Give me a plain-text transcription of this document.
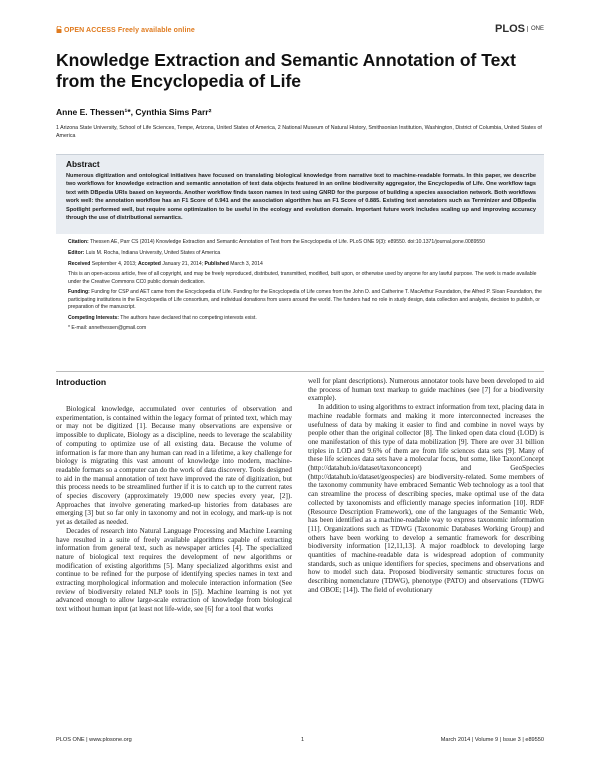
OPEN ACCESS Freely available online	PLOS ONE
Knowledge Extraction and Semantic Annotation of Text from the Encyclopedia of Life
Anne E. Thessen¹*, Cynthia Sims Parr²
1 Arizona State University, School of Life Sciences, Tempe, Arizona, United States of America, 2 National Museum of Natural History, Smithsonian Institution, Washington, District of Columbia, United States of America
Abstract

Numerous digitization and ontological initiatives have focused on translating biological knowledge from narrative text to machine-readable formats. In this paper, we describe two workflows for knowledge extraction and semantic annotation of text data objects featured in an online biodiversity aggregator, the Encyclopedia of Life. One workflow tags text with DBpedia URIs based on keywords. Another workflow finds taxon names in text using GNRD for the purpose of building a species association network. Both workflows work well: the annotation workflow has an F1 Score of 0.941 and the association algorithm has an F1 Score of 0.885. Existing text annotators such as Terminizer and DBpedia Spotlight performed well, but require some optimization to be useful in the ecology and evolution domain. Important future work includes scaling up and improving accuracy through the use of distributional semantics.

Citation: Thessen AE, Parr CS (2014) Knowledge Extraction and Semantic Annotation of Text from the Encyclopedia of Life. PLoS ONE 9(3): e89550. doi:10.1371/journal.pone.0089550

Editor: Luis M. Rocha, Indiana University, United States of America

Received September 4, 2013; Accepted January 21, 2014; Published March 3, 2014

This is an open-access article, free of all copyright, and may be freely reproduced, distributed, transmitted, modified, built upon, or otherwise used by anyone for any lawful purpose. The work is made available under the Creative Commons CC0 public domain dedication.

Funding: Funding for CSP and AET came from the Encyclopedia of Life. Funding for the Encyclopedia of Life comes from the John D. and Catherine T. MacArthur Foundation, the Alfred P. Sloan Foundation, the participating institutions in the Encyclopedia of Life consortium, and individual donations from users around the world. The funders had no role in study design, data collection and analysis, decision to publish, or preparation of the manuscript.

Competing Interests: The authors have declared that no competing interests exist.

* E-mail: annethessen@gmail.com

Introduction

Biological knowledge, accumulated over centuries of observation and experimentation, is contained within the legacy format of printed text, which may or may not be digitized [1]. Because many observations are expensive or impossible to duplicate, Biology as a discipline, needs to leverage the scalability of computing to optimize use of all existing data. Because the volume of information is far more than any human can read in a lifetime, a key challenge for biology is migrating this vast amount of knowledge into modern, machine-readable formats so a computer can do the work of data discovery. Tools designed to aid in the manual annotation of text have improved the rate of digitization, but this process needs to be streamlined further if it is to catch up to the current rates of species discovery (approximately 19,000 new species every year, [2]). Approaches that involve generating marked-up histories from databases are emerging [3] but so far only in taxonomy and not in ecology, and mark-up is not yet as detailed as needed.

Decades of research into Natural Language Processing and Machine Learning have resulted in a suite of freely available algorithms capable of extracting information from general text, such as newspaper articles [4]. The specialized nature of biological text requires the development of new algorithms or modification of existing algorithms [5]. Many specialized algorithms exist and continue to be refined for the purpose of identifying species names in text and extracting morphological information and molecule interaction information (See review of biodiversity related NLP tools in [5]). Machine learning is not yet advanced enough to allow large-scale extraction of knowledge from biological text without human input (at least not life-wide, see [6] for a tool that works

well for plant descriptions). Numerous annotator tools have been developed to aid the process of human text markup to guide machines (see [7] for a biodiversity example).

In addition to using algorithms to extract information from text, placing data in machine readable formats and making it more interconnected increases the usefulness of data by making it easier to find and combine in novel ways by people other than the original collector [8]. The linked open data cloud (LOD) is one manifestation of this type of data mobilization [9]. There are over 31 billion triples in LOD and 9.6% of them are from life sciences data sets [9]. Many of these life sciences data sets have a molecular focus, but some, like TaxonConcept (http://datahub.io/dataset/taxonconcept) and GeoSpecies (http://datahub.io/dataset/geospecies) are biodiversity-related. Some members of the taxonomy community have embraced Semantic Web technology as a tool that can streamline the process of describing species, make optimal use of the data collected by taxonomists and efficiently manage species information [10]. RDF (Resource Description Framework), one of the languages of the Semantic Web, has been identified as a machine-readable way to express taxonomic information [11]. Organizations such as TDWG (Taxonomic Databases Working Group) and others have been working to develop a semantic framework for describing biodiversity information [12,11,13]. A major roadblock to developing large quantities of machine-readable data is widespread adoption of community standards, such as unique identifiers for species, specimens and observations and how to model such data. Proposed biodiversity semantic structures focus on describing nomenclature (TDWG), phenotype (PATO) and observations (TDWG and OBOE; [14]). The field of evolutionary

PLOS ONE | www.plosone.org	1	March 2014 | Volume 9 | Issue 3 | e89550
